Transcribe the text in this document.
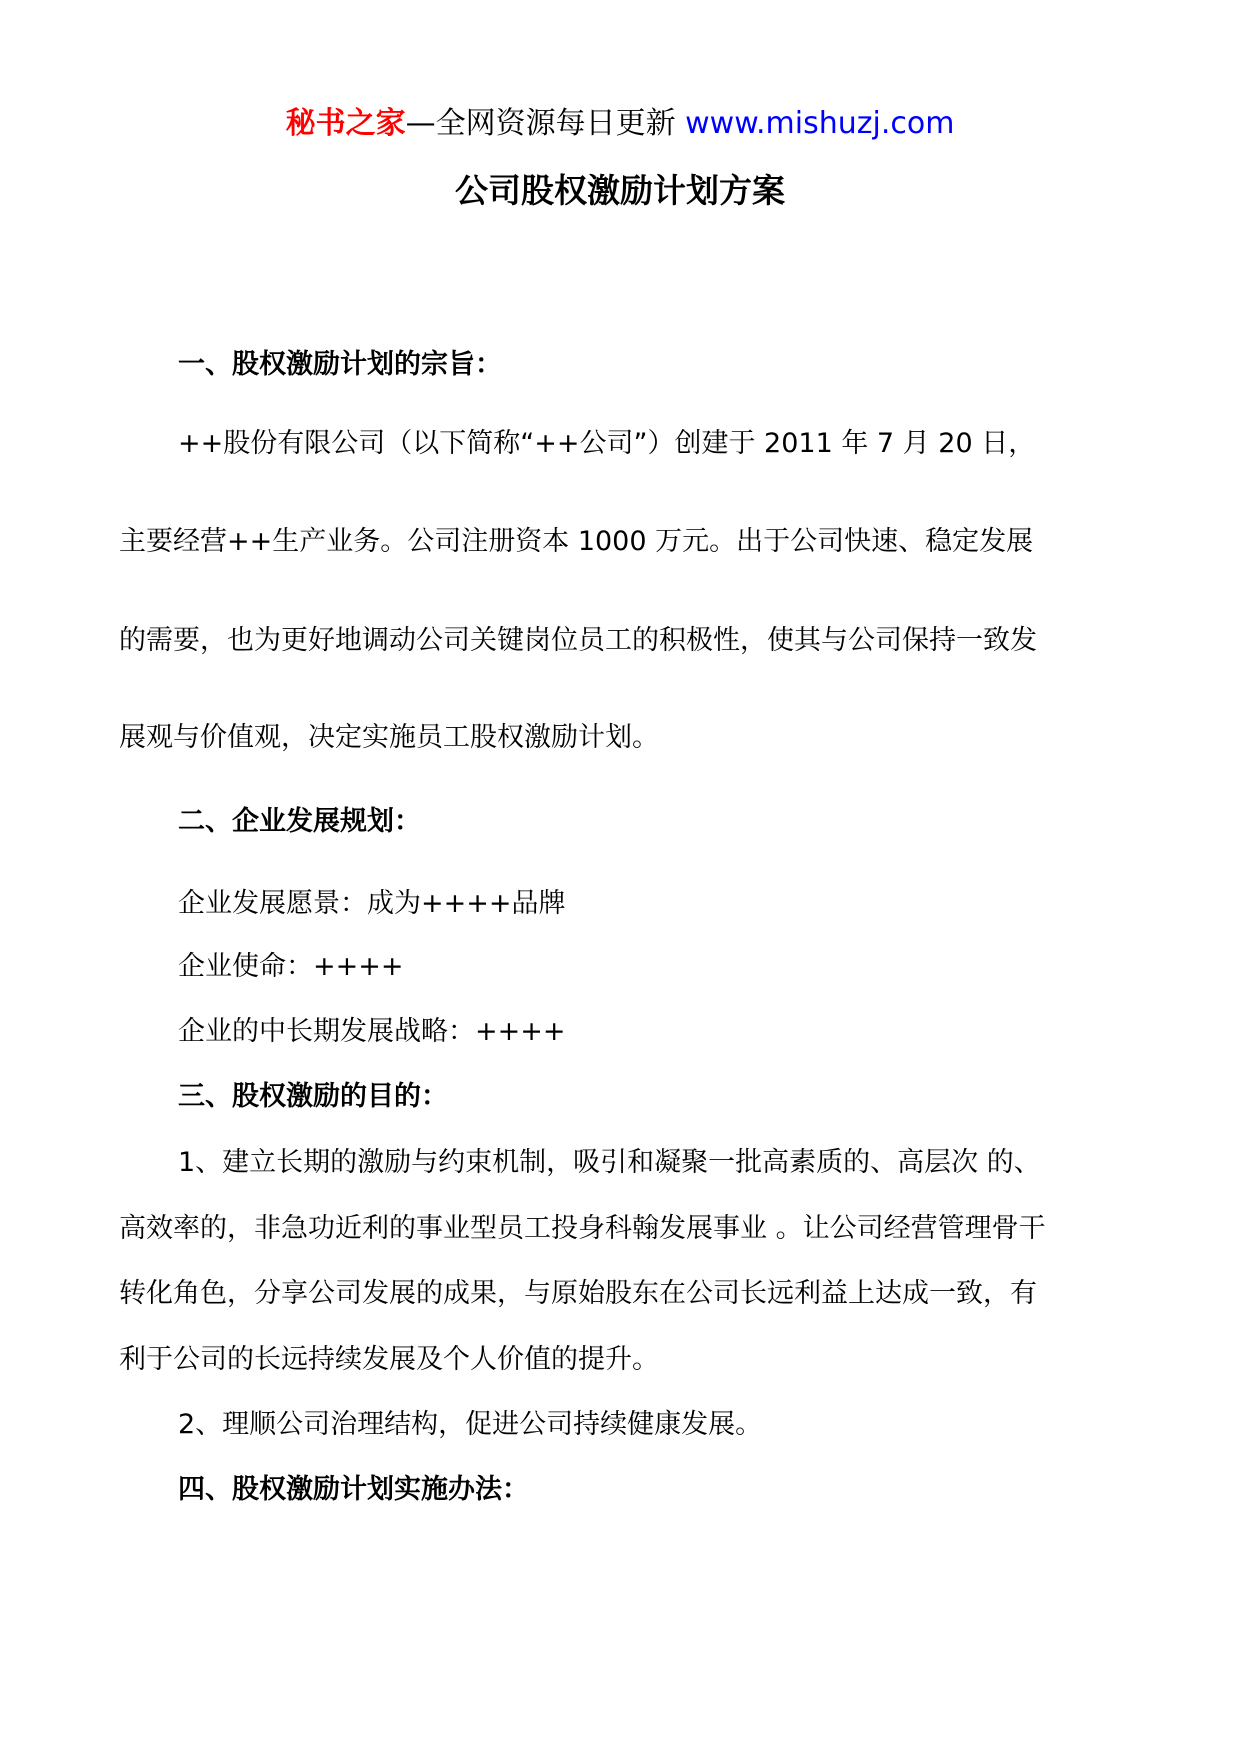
秘书之家—全网资源每日更新 www.mishuzj.com
公司股权激励计划方案
一、股权激励计划的宗旨：
++股份有限公司（以下简称“++公司”）创建于 2011 年 7 月 20 日，
主要经营++生产业务。公司注册资本 1000 万元。出于公司快速、稳定发展
的需要，也为更好地调动公司关键岗位员工的积极性，使其与公司保持一致发
展观与价值观，决定实施员工股权激励计划。
二、企业发展规划：
企业发展愿景：成为++++品牌
企业使命：++++
企业的中长期发展战略：++++
三、股权激励的目的：
1、建立长期的激励与约束机制，吸引和凝聚一批高素质的、高层次 的、
高效率的，非急功近利的事业型员工投身科翰发展事业 。让公司经营管理骨干
转化角色，分享公司发展的成果，与原始股东在公司长远利益上达成一致，有
利于公司的长远持续发展及个人价值的提升。
2、理顺公司治理结构，促进公司持续健康发展。
四、股权激励计划实施办法：
